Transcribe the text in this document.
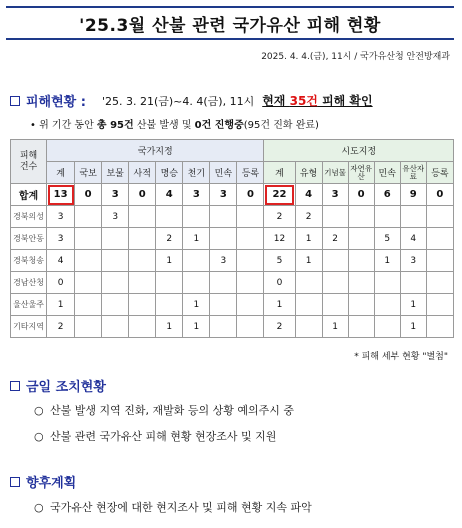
'25.3월 산불 관련 국가유산 피해 현황
2025. 4. 4.(금), 11시 / 국가유산청 안전방재과
피해현황 : '25. 3. 21(금)~4. 4(금), 11시 현재 35건 피해 확인
• 위 기간 동안 총 95건 산불 발생 및 0건 진행중(95건 진화 완료)
피해
건수	국가지정								시도지정						
	계	국보	보물	사적	명승	천기	민속	등록	계	유형	기념물	자연유산	민속	유산자료	등록
합계	13	0	3	0	4	3	3	0	22	4	3	0	6	9	0
경북의성	3		3						2	2					
경북안동	3				2	1			12	1	2		5	4	
경북청송	4				1		3		5	1			1	3	
경남산청	0								0						
울산울주	1					1			1					1	
기타지역	2				1	1			2		1			1	
* 피해 세부 현황 "별첨"
금일 조치현황
○ 산불 발생 지역 진화, 재발화 등의 상황 예의주시 중
○ 산불 관련 국가유산 피해 현황 현장조사 및 지원
향후계획
○ 국가유산 현장에 대한 현지조사 및 피해 현황 지속 파악
